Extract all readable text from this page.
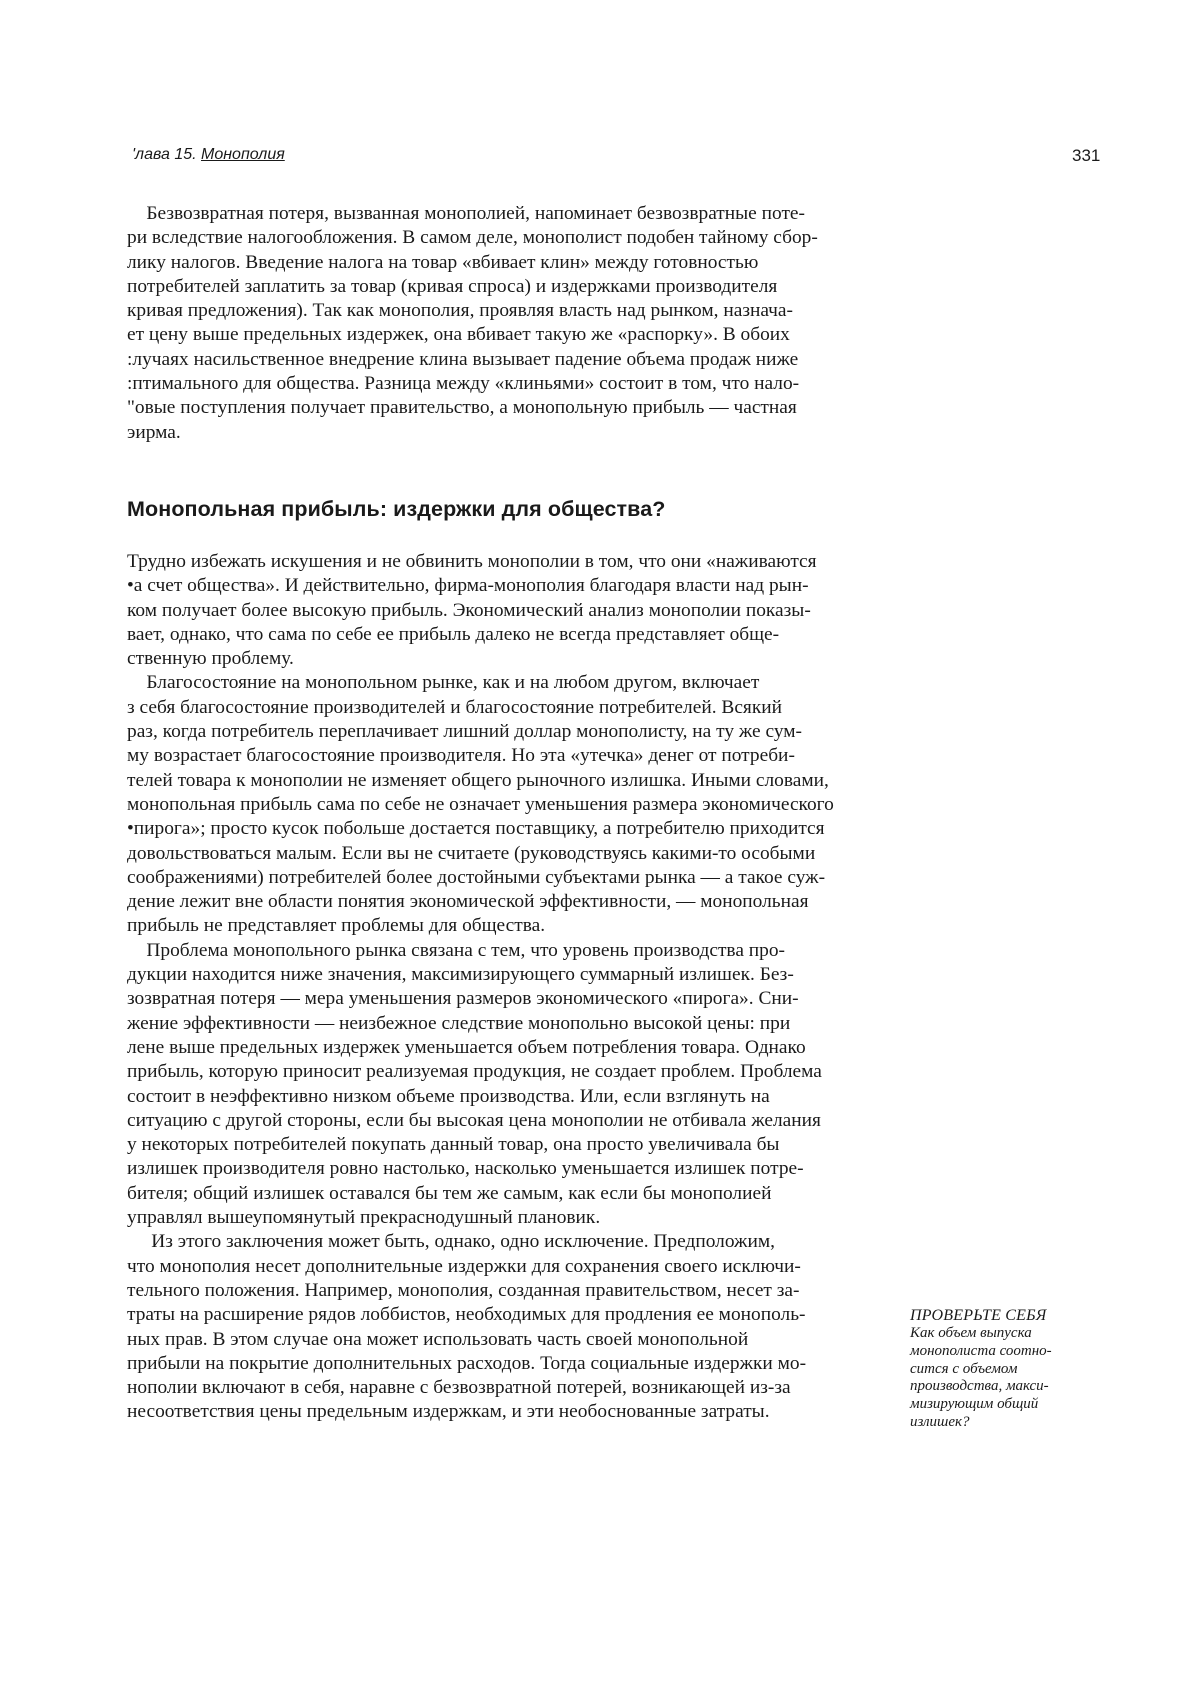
'лава 15. Монополия	331
Безвозвратная потеря, вызванная монополией, напоминает безвозвратные поте-
ри вследствие налогообложения. В самом деле, монополист подобен тайному сбор-
лику налогов. Введение налога на товар «вбивает клин» между готовностью
потребителей заплатить за товар (кривая спроса) и издержками производителя
кривая предложения). Так как монополия, проявляя власть над рынком, назнача-
ет цену выше предельных издержек, она вбивает такую же «распорку». В обоих
:лучаях насильственное внедрение клина вызывает падение объема продаж ниже
:птимального для общества. Разница между «клиньями» состоит в том, что нало-
"овые поступления получает правительство, а монопольную прибыль — частная
эирма.
Монопольная прибыль: издержки для общества?
Трудно избежать искушения и не обвинить монополии в том, что они «наживаются
•а счет общества». И действительно, фирма-монополия благодаря власти над рын-
ком получает более высокую прибыль. Экономический анализ монополии показы-
вает, однако, что сама по себе ее прибыль далеко не всегда представляет обще-
ственную проблему.
Благосостояние на монопольном рынке, как и на любом другом, включает
з себя благосостояние производителей и благосостояние потребителей. Всякий
раз, когда потребитель переплачивает лишний доллар монополисту, на ту же сум-
му возрастает благосостояние производителя. Но эта «утечка» денег от потреби-
телей товара к монополии не изменяет общего рыночного излишка. Иными словами,
монопольная прибыль сама по себе не означает уменьшения размера экономического
•пирога»; просто кусок побольше достается поставщику, а потребителю приходится
довольствоваться малым. Если вы не считаете (руководствуясь какими-то особыми
соображениями) потребителей более достойными субъектами рынка — а такое суж-
дение лежит вне области понятия экономической эффективности, — монопольная
прибыль не представляет проблемы для общества.
Проблема монопольного рынка связана с тем, что уровень производства про-
дукции находится ниже значения, максимизирующего суммарный излишек. Без-
зозвратная потеря — мера уменьшения размеров экономического «пирога». Сни-
жение эффективности — неизбежное следствие монопольно высокой цены: при
лене выше предельных издержек уменьшается объем потребления товара. Однако
прибыль, которую приносит реализуемая продукция, не создает проблем. Проблема
состоит в неэффективно низком объеме производства. Или, если взглянуть на
ситуацию с другой стороны, если бы высокая цена монополии не отбивала желания
у некоторых потребителей покупать данный товар, она просто увеличивала бы
излишек производителя ровно настолько, насколько уменьшается излишек потре-
бителя; общий излишек оставался бы тем же самым, как если бы монополией
управлял вышеупомянутый прекраснодушный плановик.
Из этого заключения может быть, однако, одно исключение. Предположим,
что монополия несет дополнительные издержки для сохранения своего исключи-
тельного положения. Например, монополия, созданная правительством, несет за-
траты на расширение рядов лоббистов, необходимых для продления ее монополь-
ных прав. В этом случае она может использовать часть своей монопольной
прибыли на покрытие дополнительных расходов. Тогда социальные издержки мо-
нополии включают в себя, наравне с безвозвратной потерей, возникающей из-за
несоответствия цены предельным издержкам, и эти необоснованные затраты.
ПРОВЕРЬТЕ СЕБЯ
Как объем выпуска
монополиста соотно-
сится с объемом
производства, макси-
мизирующим общий
излишек?
